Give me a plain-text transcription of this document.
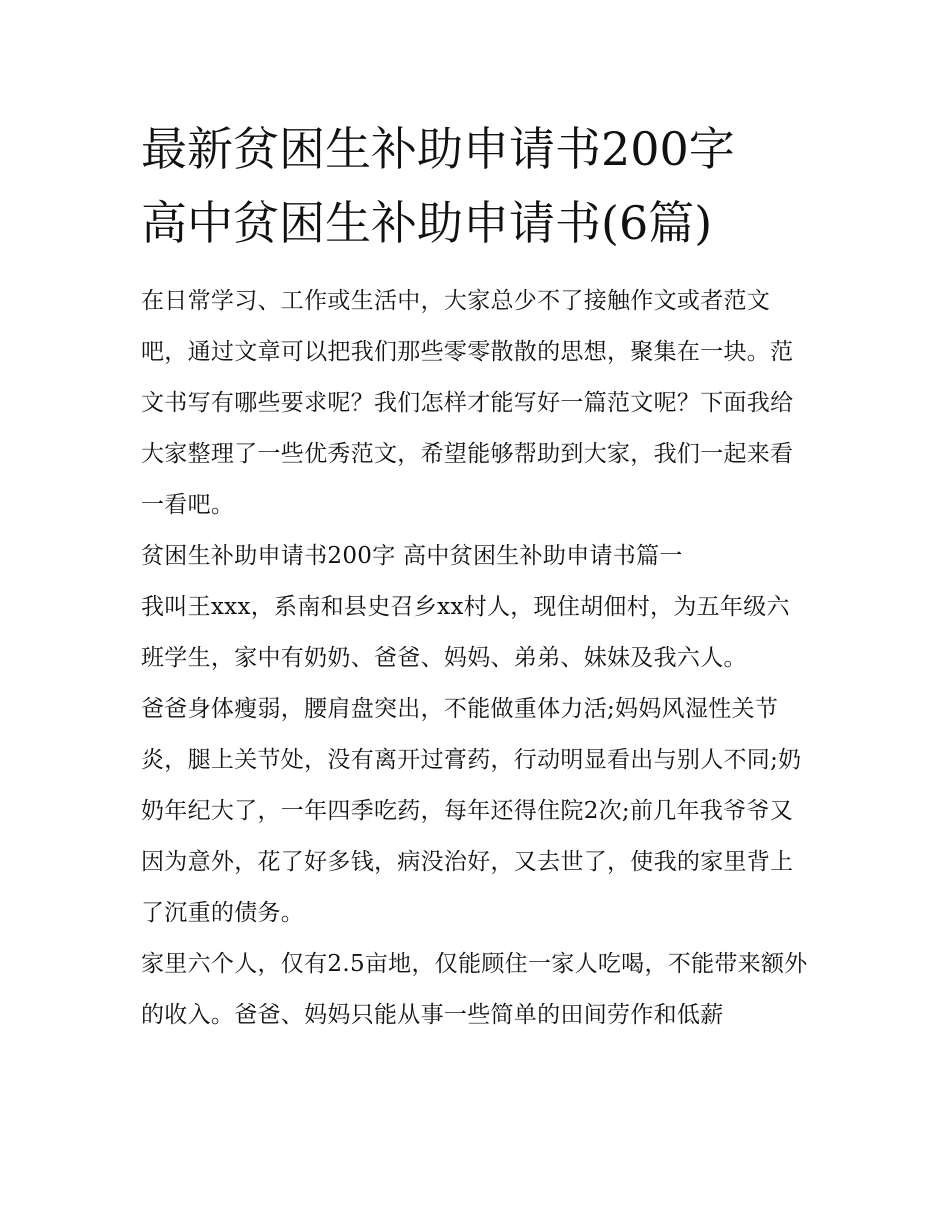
最新贫困生补助申请书200字
高中贫困生补助申请书(6篇)

在日常学习、工作或生活中，大家总少不了接触作文或者范文吧，通过文章可以把我们那些零零散散的思想，聚集在一块。范文书写有哪些要求呢？我们怎样才能写好一篇范文呢？下面我给大家整理了一些优秀范文，希望能够帮助到大家，我们一起来看一看吧。

贫困生补助申请书200字 高中贫困生补助申请书篇一

我叫王xxx，系南和县史召乡xx村人，现住胡佃村，为五年级六班学生，家中有奶奶、爸爸、妈妈、弟弟、妹妹及我六人。

爸爸身体瘦弱，腰肩盘突出，不能做重体力活;妈妈风湿性关节炎，腿上关节处，没有离开过膏药，行动明显看出与别人不同;奶奶年纪大了，一年四季吃药，每年还得住院2次;前几年我爷爷又因为意外，花了好多钱，病没治好，又去世了，使我的家里背上了沉重的债务。

家里六个人，仅有2.5亩地，仅能顾住一家人吃喝，不能带来额外的收入。爸爸、妈妈只能从事一些简单的田间劳作和低薪
